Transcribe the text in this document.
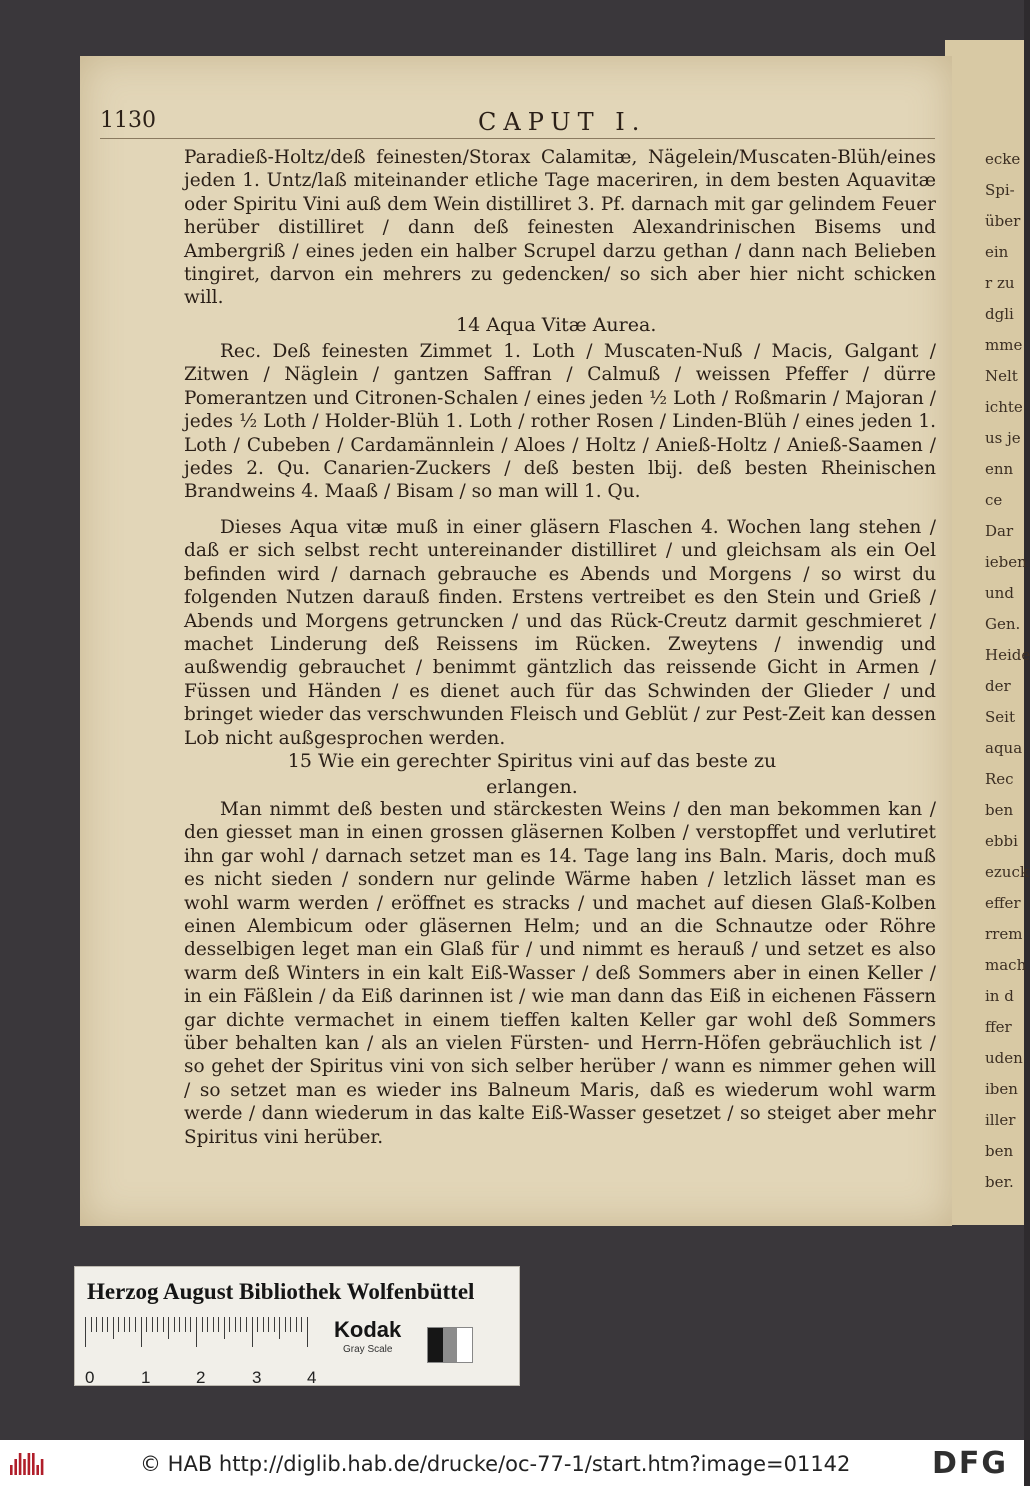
ecke
Spi-
über
ein
r zu
dgli
mme
Nelt
ichte
us je
enn
ce
Dar
ieben
und
Gen.
Heide
der
Seit
aqua
Rec
ben
ebbi
ezuck
effer
rrem
mach
in d
ffer
uden
iben
iller
ben
ber.
1130	CAPUT I.

Paradieß-Holtz/deß feinesten/Storax Calamitæ, Nägelein/Muscaten-Blüh/eines jeden 1. Untz/laß miteinander etliche Tage maceriren, in dem besten Aquavitæ oder Spiritu Vini auß dem Wein distilliret 3. Pf. darnach mit gar gelindem Feuer herüber distilliret / dann deß feinesten Alexandrinischen Bisems und Ambergriß / eines jeden ein halber Scrupel darzu gethan / dann nach Belieben tingiret, darvon ein mehrers zu gedencken/ so sich aber hier nicht schicken will.

14 Aqua Vitæ Aurea.

Rec. Deß feinesten Zimmet 1. Loth / Muscaten-Nuß / Macis, Galgant / Zitwen / Näglein / gantzen Saffran / Calmuß / weissen Pfeffer / dürre Pomerantzen und Citronen-Schalen / eines jeden ½ Loth / Roßmarin / Majoran / jedes ½ Loth / Holder-Blüh 1. Loth / rother Rosen / Linden-Blüh / eines jeden 1. Loth / Cubeben / Cardamännlein / Aloes / Holtz / Anieß-Holtz / Anieß-Saamen / jedes 2. Qu. Canarien-Zuckers / deß besten lbij. deß besten Rheinischen Brandweins 4. Maaß / Bisam / so man will 1. Qu.

Dieses Aqua vitæ muß in einer gläsern Flaschen 4. Wochen lang stehen / daß er sich selbst recht untereinander distilliret / und gleichsam als ein Oel befinden wird / darnach gebrauche es Abends und Morgens / so wirst du folgenden Nutzen darauß finden. Erstens vertreibet es den Stein und Grieß / Abends und Morgens getruncken / und das Rück-Creutz darmit geschmieret / machet Linderung deß Reissens im Rücken. Zweytens / inwendig und außwendig gebrauchet / benimmt gäntzlich das reissende Gicht in Armen / Füssen und Händen / es dienet auch für das Schwinden der Glieder / und bringet wieder das verschwunden Fleisch und Geblüt / zur Pest-Zeit kan dessen Lob nicht außgesprochen werden.

15 Wie ein gerechter Spiritus vini auf das beste zu erlangen.

Man nimmt deß besten und stärckesten Weins / den man bekommen kan / den giesset man in einen grossen gläsernen Kolben / verstopffet und verlutiret ihn gar wohl / darnach setzet man es 14. Tage lang ins Baln. Maris, doch muß es nicht sieden / sondern nur gelinde Wärme haben / letzlich lässet man es wohl warm werden / eröffnet es stracks / und machet auf diesen Glaß-Kolben einen Alembicum oder gläsernen Helm; und an die Schnautze oder Röhre desselbigen leget man ein Glaß für / und nimmt es herauß / und setzet es also warm deß Winters in ein kalt Eiß-Wasser / deß Sommers aber in einen Keller / in ein Fäßlein / da Eiß darinnen ist / wie man dann das Eiß in eichenen Fässern gar dichte vermachet in einem tieffen kalten Keller gar wohl deß Sommers über behalten kan / als an vielen Fürsten- und Herrn-Höfen gebräuchlich ist / so gehet der Spiritus vini von sich selber herüber / wann es nimmer gehen will / so setzet man es wieder ins Balneum Maris, daß es wiederum wohl warm werde / dann wiederum in das kalte Eiß-Wasser gesetzet / so steiget aber mehr Spiritus vini herüber.

Herzog August Bibliothek Wolfenbüttel
Kodak
Gray Scale
0	1	2	3	4
© HAB http://diglib.hab.de/drucke/oc-77-1/start.htm?image=01142	DFG
